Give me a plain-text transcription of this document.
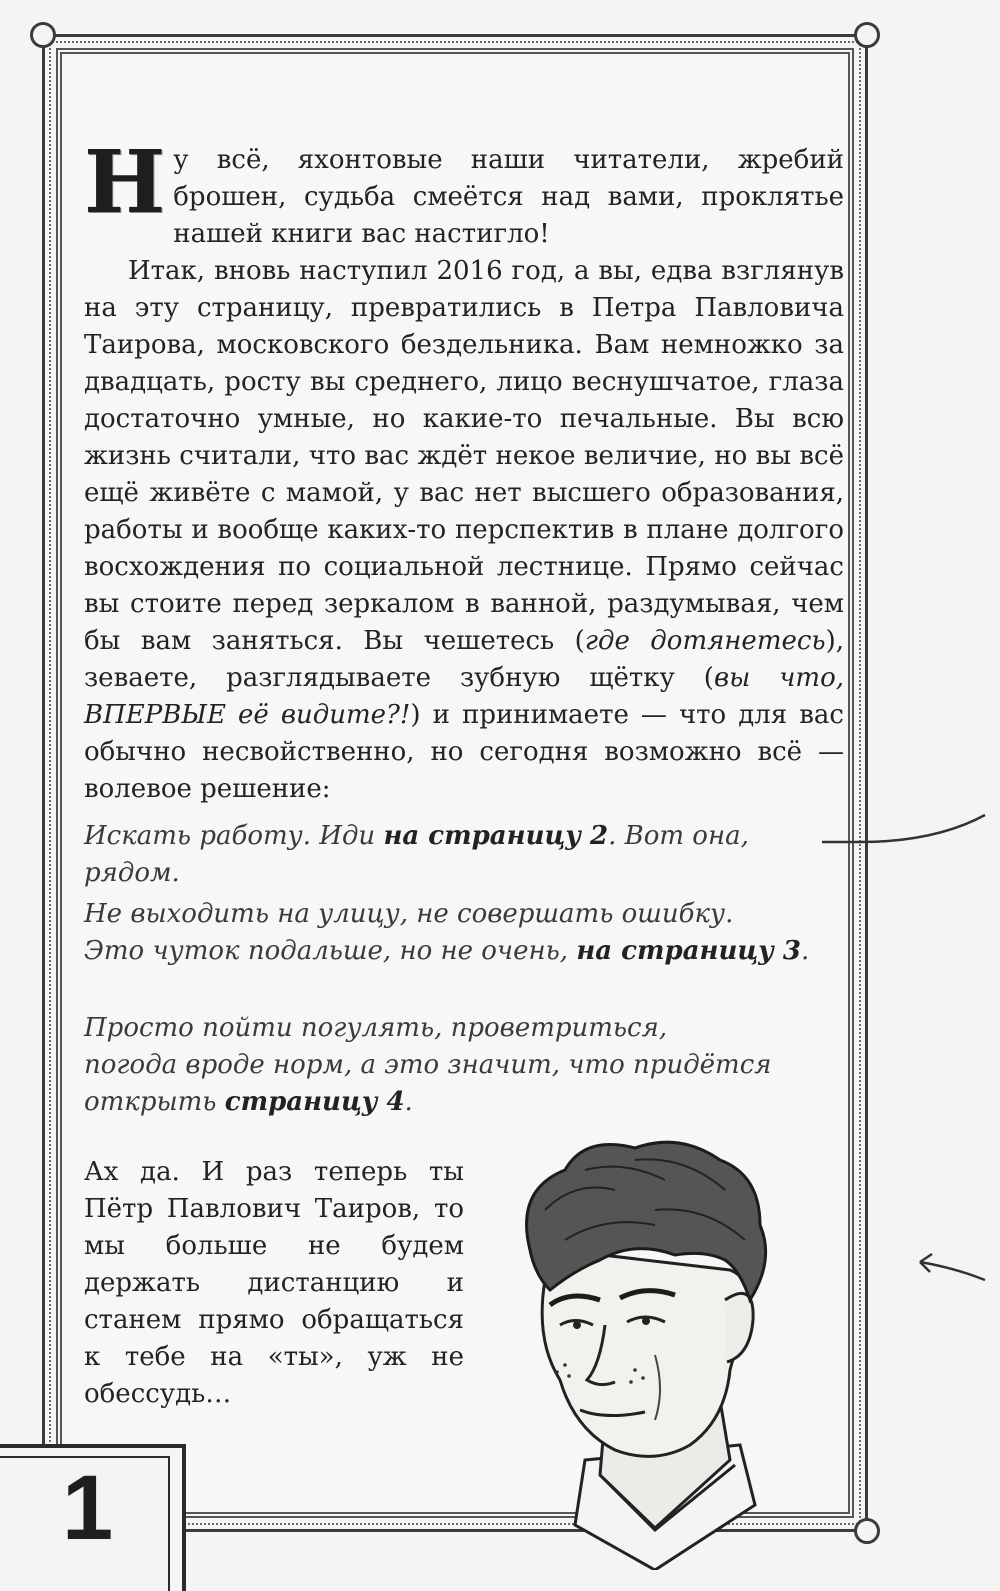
Ну всё, яхонтовые наши читатели, жребий брошен, судьба смеётся над вами, проклятье нашей книги вас настигло!

Итак, вновь наступил 2016 год, а вы, едва взглянув на эту страницу, превратились в Петра Павловича Таирова, московского бездельника. Вам немножко за двадцать, росту вы среднего, лицо веснушчатое, глаза достаточно умные, но какие-то печальные. Вы всю жизнь считали, что вас ждёт некое величие, но вы всё ещё живёте с мамой, у вас нет высшего образования, работы и вообще каких-то перспектив в плане долгого восхождения по социальной лестнице. Прямо сейчас вы стоите перед зеркалом в ванной, раздумывая, чем бы вам заняться. Вы чешетесь (где дотянетесь), зеваете, разглядываете зубную щётку (вы что, ВПЕРВЫЕ её видите?!) и принимаете — что для вас обычно несвойственно, но сегодня возможно всё — волевое решение:

Искать работу. Иди на страницу 2. Вот она, рядом.
Не выходить на улицу, не совершать ошибку.
Это чуток подальше, но не очень, на страницу 3.
Просто пойти погулять, проветриться,
погода вроде норм, а это значит, что придётся
открыть страницу 4.

Ах да. И раз теперь ты Пётр Павлович Таиров, то мы больше не будем держать дистанцию и станем прямо обращаться к тебе на «ты», уж не обессудь…

1
